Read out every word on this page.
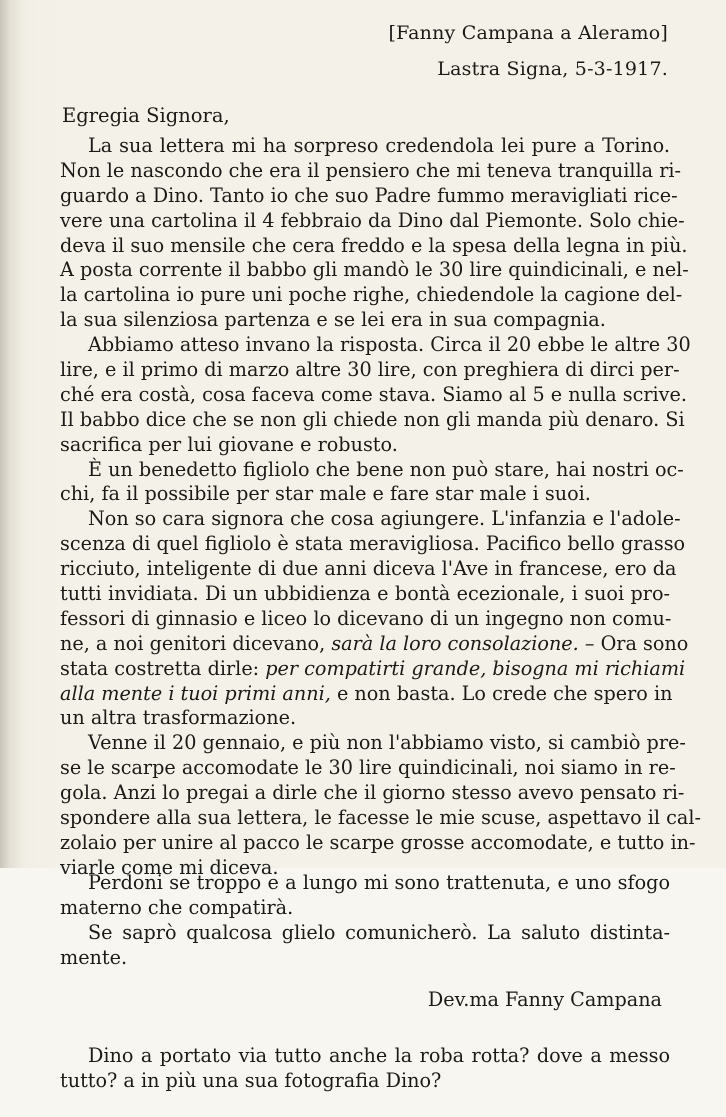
[Fanny Campana a Aleramo]
Lastra Signa, 5-3-1917.
Egregia Signora,
La sua lettera mi ha sorpreso credendola lei pure a Torino.
Non le nascondo che era il pensiero che mi teneva tranquilla ri-
guardo a Dino. Tanto io che suo Padre fummo meravigliati rice-
vere una cartolina il 4 febbraio da Dino dal Piemonte. Solo chie-
deva il suo mensile che cera freddo e la spesa della legna in più.
A posta corrente il babbo gli mandò le 30 lire quindicinali, e nel-
la cartolina io pure uni poche righe, chiedendole la cagione del-
la sua silenziosa partenza e se lei era in sua compagnia.
Abbiamo atteso invano la risposta. Circa il 20 ebbe le altre 30
lire, e il primo di marzo altre 30 lire, con preghiera di dirci per-
ché era costà, cosa faceva come stava. Siamo al 5 e nulla scrive.
Il babbo dice che se non gli chiede non gli manda più denaro. Si
sacrifica per lui giovane e robusto.
È un benedetto figliolo che bene non può stare, hai nostri oc-
chi, fa il possibile per star male e fare star male i suoi.
Non so cara signora che cosa agiungere. L'infanzia e l'adole-
scenza di quel figliolo è stata meravigliosa. Pacifico bello grasso
ricciuto, inteligente di due anni diceva l'Ave in francese, ero da
tutti invidiata. Di un ubbidienza e bontà ecezionale, i suoi pro-
fessori di ginnasio e liceo lo dicevano di un ingegno non comu-
ne, a noi genitori dicevano, sarà la loro consolazione. – Ora sono
stata costretta dirle: per compatirti grande, bisogna mi richiami
alla mente i tuoi primi anni, e non basta. Lo crede che spero in
un altra trasformazione.
Venne il 20 gennaio, e più non l'abbiamo visto, si cambiò pre-
se le scarpe accomodate le 30 lire quindicinali, noi siamo in re-
gola. Anzi lo pregai a dirle che il giorno stesso avevo pensato ri-
spondere alla sua lettera, le facesse le mie scuse, aspettavo il cal-
zolaio per unire al pacco le scarpe grosse accomodate, e tutto in-
viarle come mi diceva.
Perdoni se troppo e a lungo mi sono trattenuta, e uno sfogo
materno che compatirà.
Se saprò qualcosa glielo comunicherò. La saluto distinta-
mente.
Dev.ma Fanny Campana
Dino a portato via tutto anche la roba rotta? dove a messo
tutto? a in più una sua fotografia Dino?
